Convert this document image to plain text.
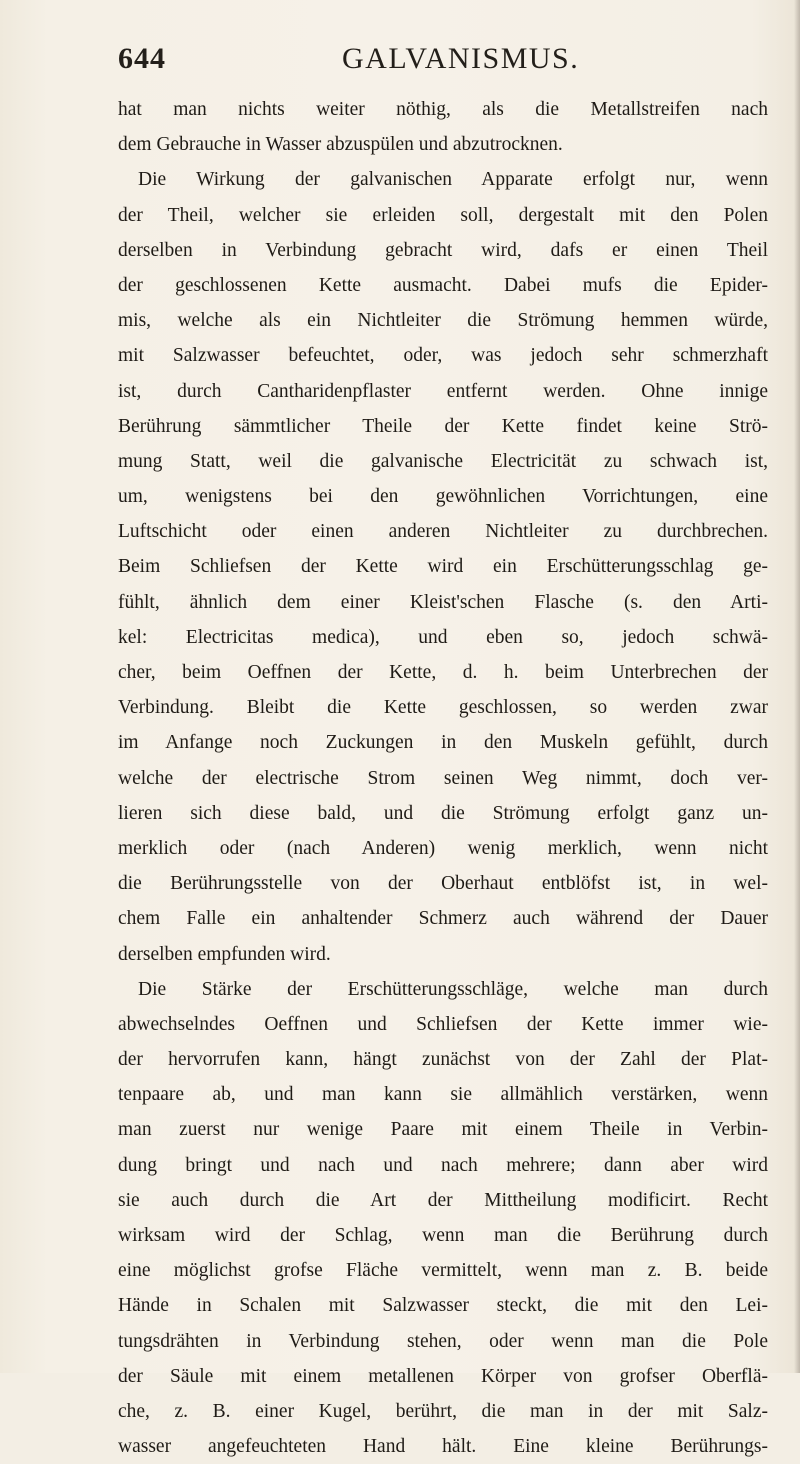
644	GALVANISMUS.
hat man nichts weiter nöthig, als die Metallstreifen nach
dem Gebrauche in Wasser abzuspülen und abzutrocknen.
Die Wirkung der galvanischen Apparate erfolgt nur, wenn
der Theil, welcher sie erleiden soll, dergestalt mit den Polen
derselben in Verbindung gebracht wird, dafs er einen Theil
der geschlossenen Kette ausmacht. Dabei mufs die Epider-
mis, welche als ein Nichtleiter die Strömung hemmen würde,
mit Salzwasser befeuchtet, oder, was jedoch sehr schmerzhaft
ist, durch Cantharidenpflaster entfernt werden. Ohne innige
Berührung sämmtlicher Theile der Kette findet keine Strö-
mung Statt, weil die galvanische Electricität zu schwach ist,
um, wenigstens bei den gewöhnlichen Vorrichtungen, eine
Luftschicht oder einen anderen Nichtleiter zu durchbrechen.
Beim Schliefsen der Kette wird ein Erschütterungsschlag ge-
fühlt, ähnlich dem einer Kleist'schen Flasche (s. den Arti-
kel: Electricitas medica), und eben so, jedoch schwä-
cher, beim Oeffnen der Kette, d. h. beim Unterbrechen der
Verbindung. Bleibt die Kette geschlossen, so werden zwar
im Anfange noch Zuckungen in den Muskeln gefühlt, durch
welche der electrische Strom seinen Weg nimmt, doch ver-
lieren sich diese bald, und die Strömung erfolgt ganz un-
merklich oder (nach Anderen) wenig merklich, wenn nicht
die Berührungsstelle von der Oberhaut entblöfst ist, in wel-
chem Falle ein anhaltender Schmerz auch während der Dauer
derselben empfunden wird.
Die Stärke der Erschütterungsschläge, welche man durch
abwechselndes Oeffnen und Schliefsen der Kette immer wie-
der hervorrufen kann, hängt zunächst von der Zahl der Plat-
tenpaare ab, und man kann sie allmählich verstärken, wenn
man zuerst nur wenige Paare mit einem Theile in Verbin-
dung bringt und nach und nach mehrere; dann aber wird
sie auch durch die Art der Mittheilung modificirt. Recht
wirksam wird der Schlag, wenn man die Berührung durch
eine möglichst grofse Fläche vermittelt, wenn man z. B. beide
Hände in Schalen mit Salzwasser steckt, die mit den Lei-
tungsdrähten in Verbindung stehen, oder wenn man die Pole
der Säule mit einem metallenen Körper von grofser Oberflä-
che, z. B. einer Kugel, berührt, die man in der mit Salz-
wasser angefeuchteten Hand hält. Eine kleine Berührungs-
